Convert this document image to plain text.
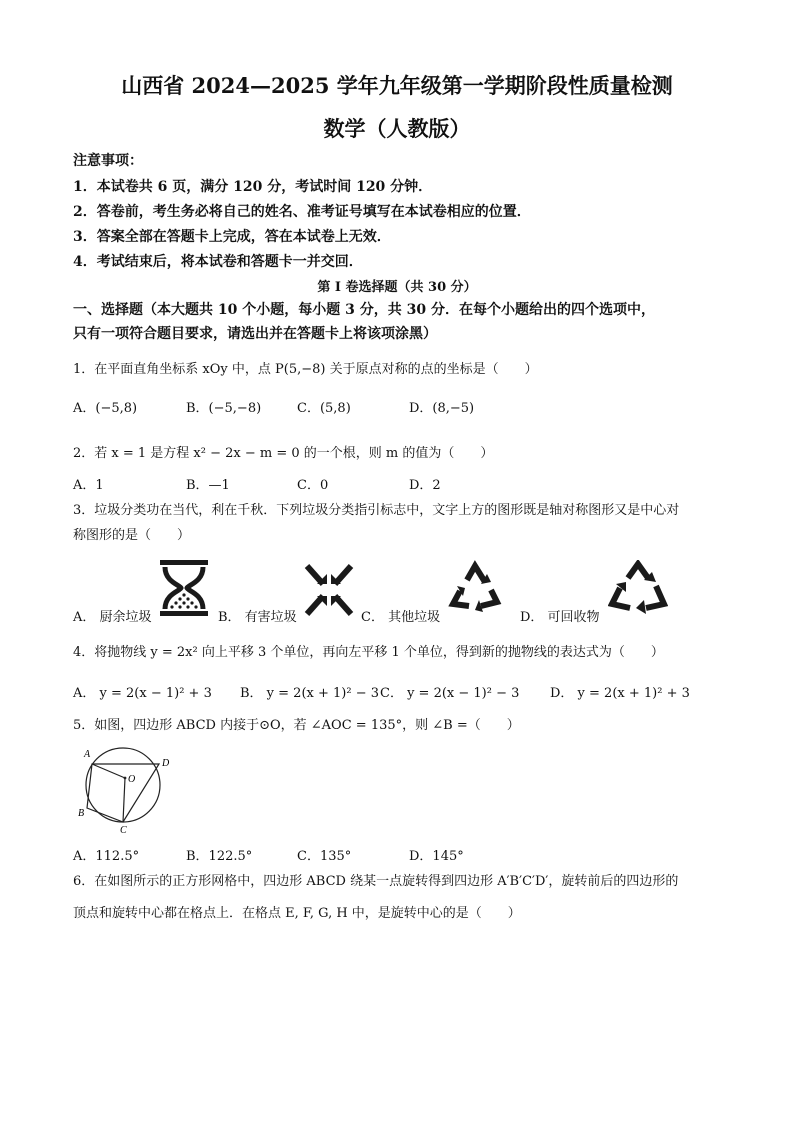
山西省 2024—2025 学年九年级第一学期阶段性质量检测
数学（人教版）
注意事项：
1．本试卷共 6 页，满分 120 分，考试时间 120 分钟．
2．答卷前，考生务必将自己的姓名、准考证号填写在本试卷相应的位置．
3．答案全部在答题卡上完成，答在本试卷上无效．
4．考试结束后，将本试卷和答题卡一并交回．
第 I 卷选择题（共 30 分）
一、选择题（本大题共 10 个小题，每小题 3 分，共 30 分．在每个小题给出的四个选项中，
只有一项符合题目要求，请选出并在答题卡上将该项涂黑）
1．在平面直角坐标系 xOy 中，点 P(5,−8) 关于原点对称的点的坐标是（　　）
A．(−5,8)	B．(−5,−8)	C．(5,8)	D．(8,−5)
2．若 x = 1 是方程 x² − 2x − m = 0 的一个根，则 m 的值为（　　）
A．1	B．—1	C．0	D．2
3．垃圾分类功在当代，利在千秋．下列垃圾分类指引标志中，文字上方的图形既是轴对称图形又是中心对
称图形的是（　　）
A． 厨余垃圾	B． 有害垃圾	C． 其他垃圾	D． 可回收物
4．将抛物线 y = 2x² 向上平移 3 个单位，再向左平移 1 个单位，得到新的抛物线的表达式为（　　）
A． y = 2(x − 1)² + 3 B． y = 2(x + 1)² − 3 C． y = 2(x − 1)² − 3 D． y = 2(x + 1)² + 3
5．如图，四边形 ABCD 内接于⊙O，若 ∠AOC = 135°，则 ∠B =（　　）
A
B
C
D
O
A．112.5°	B．122.5°	C．135°	D．145°
6．在如图所示的正方形网格中，四边形 ABCD 绕某一点旋转得到四边形 A′B′C′D′，旋转前后的四边形的
顶点和旋转中心都在格点上．在格点 E, F, G, H 中，是旋转中心的是（　　）
